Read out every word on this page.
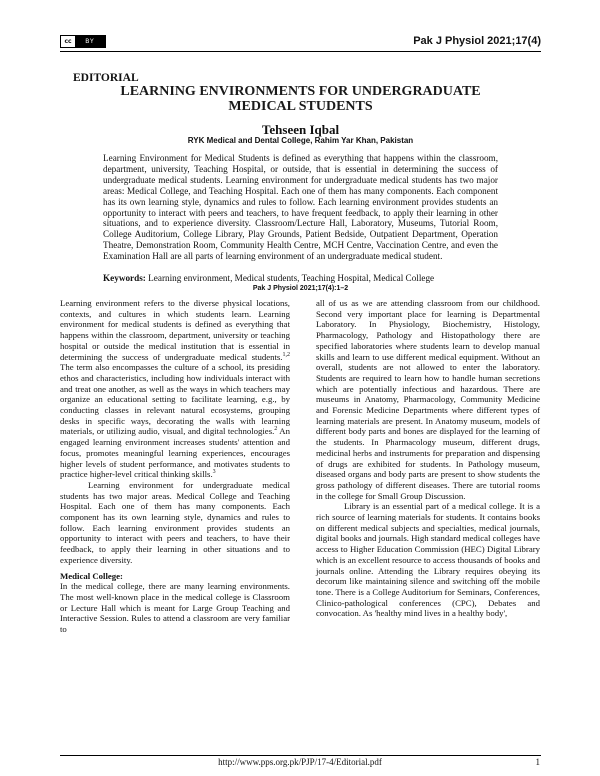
cc	BY	Pak J Physiol 2021;17(4)
EDITORIAL
LEARNING ENVIRONMENTS FOR UNDERGRADUATE
MEDICAL STUDENTS
Tehseen Iqbal
RYK Medical and Dental College, Rahim Yar Khan, Pakistan

Learning Environment for Medical Students is defined as everything that happens within the classroom, department, university, Teaching Hospital, or outside, that is essential in determining the success of undergraduate medical students. Learning environment for undergraduate medical students has two major areas: Medical College, and Teaching Hospital. Each one of them has many components. Each component has its own learning style, dynamics and rules to follow. Each learning environment provides students an opportunity to interact with peers and teachers, to have frequent feedback, to apply their learning in other situations, and to experience diversity. Classroom/Lecture Hall, Laboratory, Museums, Tutorial Room, College Auditorium, College Library, Play Grounds, Patient Bedside, Outpatient Department, Operation Theatre, Demonstration Room, Community Health Centre, MCH Centre, Vaccination Centre, and even the Examination Hall are all parts of learning environment of an undergraduate medical student.

Keywords: Learning environment, Medical students, Teaching Hospital, Medical College

Pak J Physiol 2021;17(4):1–2

Learning environment refers to the diverse physical locations, contexts, and cultures in which students learn. Learning environment for medical students is defined as everything that happens within the classroom, department, university or teaching hospital or outside the medical institution that is essential in determining the success of undergraduate medical students.$^{1,2}$ The term also encompasses the culture of a school, its presiding ethos and characteristics, including how individuals interact with and treat one another, as well as the ways in which teachers may organize an educational setting to facilitate learning, e.g., by conducting classes in relevant natural ecosystems, grouping desks in specific ways, decorating the walls with learning materials, or utilizing audio, visual, and digital technologies.$^2$ An engaged learning environment increases students' attention and focus, promotes meaningful learning experiences, encourages higher levels of student performance, and motivates students to practice higher-level critical thinking skills.$^3$

Learning environment for undergraduate medical students has two major areas. Medical College and Teaching Hospital. Each one of them has many components. Each component has its own learning style, dynamics and rules to follow. Each learning environment provides students an opportunity to interact with peers and teachers, to have their feedback, to apply their learning in other situations and to experience diversity.

Medical College:

In the medical college, there are many learning environments. The most well-known place in the medical college is Classroom or Lecture Hall which is meant for Large Group Teaching and Interactive Session. Rules to attend a classroom are very familiar to

all of us as we are attending classroom from our childhood. Second very important place for learning is Departmental Laboratory. In Physiology, Biochemistry, Histology, Pharmacology, Pathology and Histopathology there are specified laboratories where students learn to develop manual skills and learn to use different medical equipment. Without an overall, students are not allowed to enter the laboratory. Students are required to learn how to handle human secretions which are potentially infectious and hazardous. There are museums in Anatomy, Pharmacology, Community Medicine and Forensic Medicine Departments where different types of learning materials are present. In Anatomy museum, models of different body parts and bones are displayed for the learning of the students. In Pharmacology museum, different drugs, medicinal herbs and instruments for preparation and dispensing of drugs are exhibited for students. In Pathology museum, diseased organs and body parts are present to show students the gross pathology of different diseases. There are tutorial rooms in the college for Small Group Discussion.

Library is an essential part of a medical college. It is a rich source of learning materials for students. It contains books on different medical subjects and specialties, medical journals, digital books and journals. High standard medical colleges have access to Higher Education Commission (HEC) Digital Library which is an excellent resource to access thousands of books and journals online. Attending the Library requires obeying its decorum like maintaining silence and switching off the mobile tone. There is a College Auditorium for Seminars, Conferences, Clinico-pathological conferences (CPC), Debates and convocation. As 'healthy mind lives in a healthy body',

http://www.pps.org.pk/PJP/17-4/Editorial.pdf	1
